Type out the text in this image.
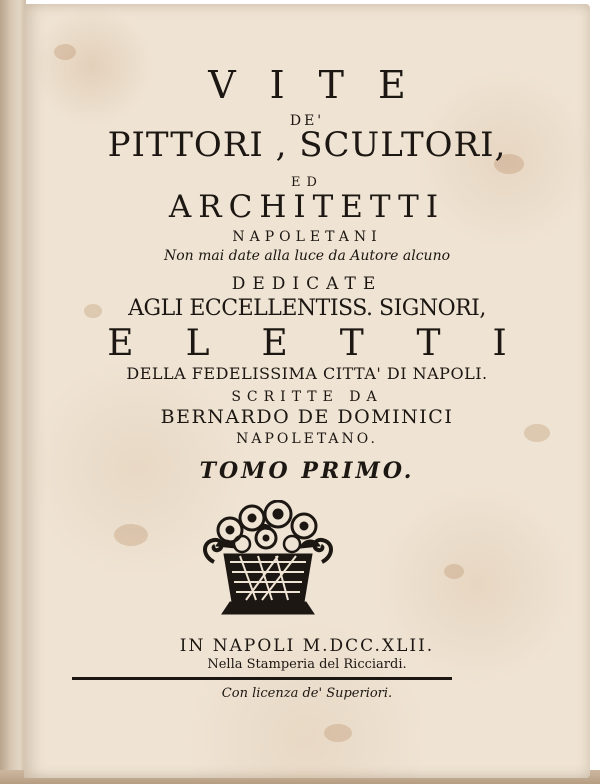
VITE
DE'
PITTORI , SCULTORI,
ED
ARCHITETTI
NAPOLETANI
Non mai date alla luce da Autore alcuno
DEDICATE
AGLI ECCELLENTISS. SIGNORI,
ELETTI
DELLA FEDELISSIMA CITTA' DI NAPOLI.
SCRITTE DA
BERNARDO DE DOMINICI
NAPOLETANO.
TOMO PRIMO.
IN NAPOLI M.DCC.XLII.
Nella Stamperia del Ricciardi.
Con licenza de' Superiori.
